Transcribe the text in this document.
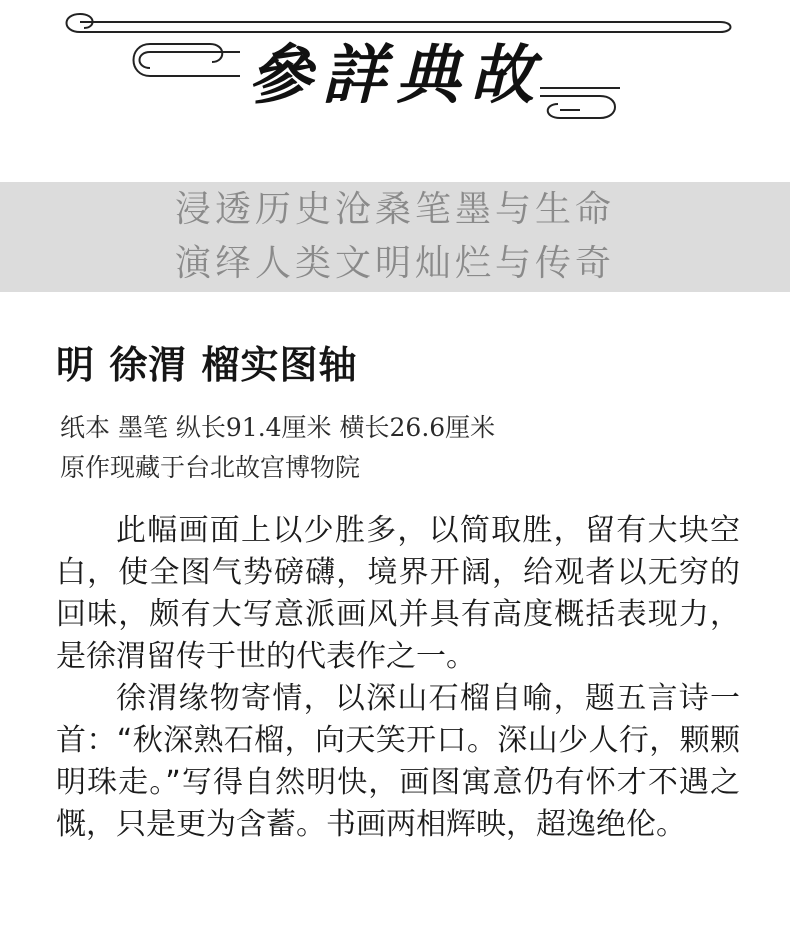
參詳典故
浸透历史沧桑笔墨与生命
演绎人类文明灿烂与传奇
明 徐渭 榴实图轴
纸本 墨笔 纵长91.4厘米 横长26.6厘米
原作现藏于台北故宫博物院

此幅画面上以少胜多，以简取胜，留有大块空白，使全图气势磅礴，境界开阔，给观者以无穷的回味，颇有大写意派画风并具有高度概括表现力，是徐渭留传于世的代表作之一。

徐渭缘物寄情，以深山石榴自喻，题五言诗一首：“秋深熟石榴，向天笑开口。深山少人行，颗颗明珠走。”写得自然明快，画图寓意仍有怀才不遇之慨，只是更为含蓄。书画两相辉映，超逸绝伦。
